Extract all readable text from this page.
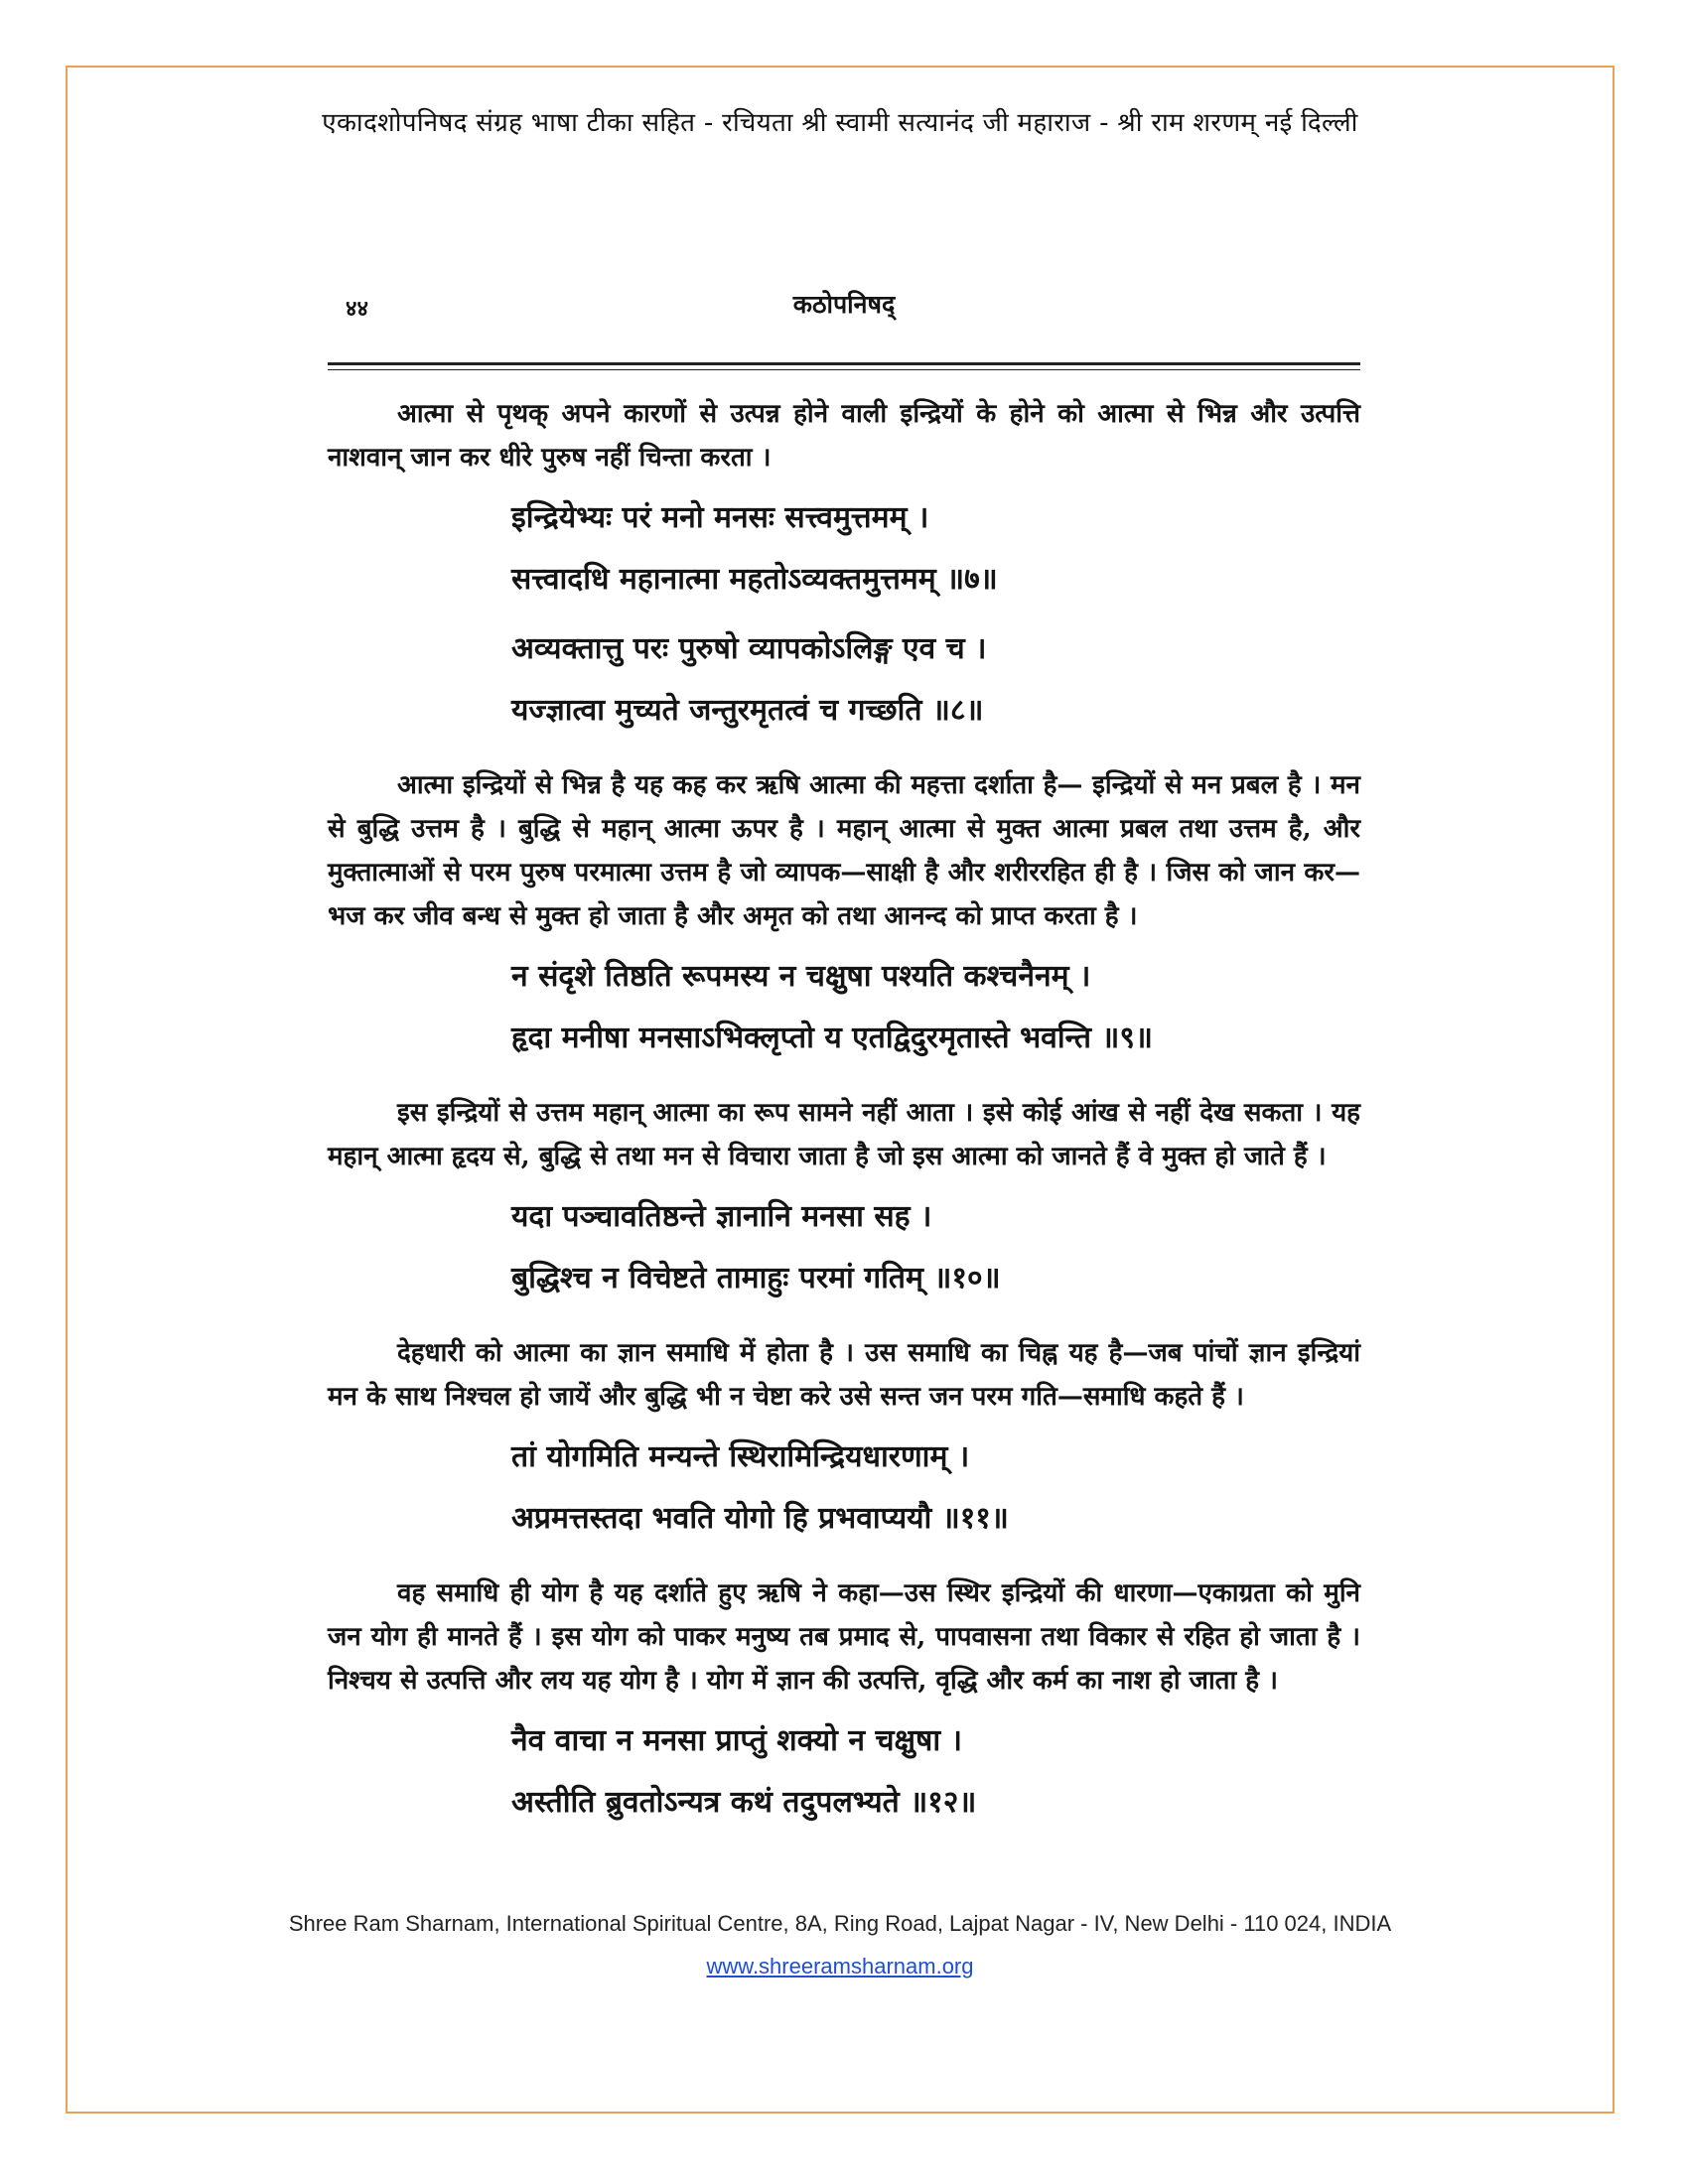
एकादशोपनिषद संग्रह भाषा टीका सहित - रचियता श्री स्वामी सत्यानंद जी महाराज - श्री राम शरणम् नई दिल्ली
४४	कठोपनिषद्

आत्मा से पृथक् अपने कारणों से उत्पन्न होने वाली इन्द्रियों के होने को आत्मा से भिन्न और उत्पत्ति नाशवान् जान कर धीरे पुरुष नहीं चिन्ता करता ।

इन्द्रियेभ्यः परं मनो मनसः सत्त्वमुत्तमम् ।
सत्त्वादधि महानात्मा महतोऽव्यक्तमुत्तमम् ॥७॥
अव्यक्तात्तु परः पुरुषो व्यापकोऽलिङ्ग एव च ।
यज्ज्ञात्वा मुच्यते जन्तुरमृतत्वं च गच्छति ॥८॥

आत्मा इन्द्रियों से भिन्न है यह कह कर ऋषि आत्मा की महत्ता दर्शाता है— इन्द्रियों से मन प्रबल है । मन से बुद्धि उत्तम है । बुद्धि से महान् आत्मा ऊपर है । महान् आत्मा से मुक्त आत्मा प्रबल तथा उत्तम है, और मुक्तात्माओं से परम पुरुष परमात्मा उत्तम है जो व्यापक—साक्षी है और शरीररहित ही है । जिस को जान कर—भज कर जीव बन्ध से मुक्त हो जाता है और अमृत को तथा आनन्द को प्राप्त करता है ।

न संदृशे तिष्ठति रूपमस्य न चक्षुषा पश्यति कश्चनैनम् ।
हृदा मनीषा मनसाऽभिक्लृप्तो य एतद्विदुरमृतास्ते भवन्ति ॥९॥

इस इन्द्रियों से उत्तम महान् आत्मा का रूप सामने नहीं आता । इसे कोई आंख से नहीं देख सकता । यह महान् आत्मा हृदय से, बुद्धि से तथा मन से विचारा जाता है जो इस आत्मा को जानते हैं वे मुक्त हो जाते हैं ।

यदा पञ्चावतिष्ठन्ते ज्ञानानि मनसा सह ।
बुद्धिश्च न विचेष्टते तामाहुः परमां गतिम् ॥१०॥

देहधारी को आत्मा का ज्ञान समाधि में होता है । उस समाधि का चिह्न यह है—जब पांचों ज्ञान इन्द्रियां मन के साथ निश्चल हो जायें और बुद्धि भी न चेष्टा करे उसे सन्त जन परम गति—समाधि कहते हैं ।

तां योगमिति मन्यन्ते स्थिरामिन्द्रियधारणाम् ।
अप्रमत्तस्तदा भवति योगो हि प्रभवाप्ययौ ॥११॥

वह समाधि ही योग है यह दर्शाते हुए ऋषि ने कहा—उस स्थिर इन्द्रियों की धारणा—एकाग्रता को मुनि जन योग ही मानते हैं । इस योग को पाकर मनुष्य तब प्रमाद से, पापवासना तथा विकार से रहित हो जाता है । निश्चय से उत्पत्ति और लय यह योग है । योग में ज्ञान की उत्पत्ति, वृद्धि और कर्म का नाश हो जाता है ।

नैव वाचा न मनसा प्राप्तुं शक्यो न चक्षुषा ।
अस्तीति ब्रुवतोऽन्यत्र कथं तदुपलभ्यते ॥१२॥
Shree Ram Sharnam, International Spiritual Centre, 8A, Ring Road, Lajpat Nagar - IV, New Delhi - 110 024, INDIA
www.shreeramsharnam.org
